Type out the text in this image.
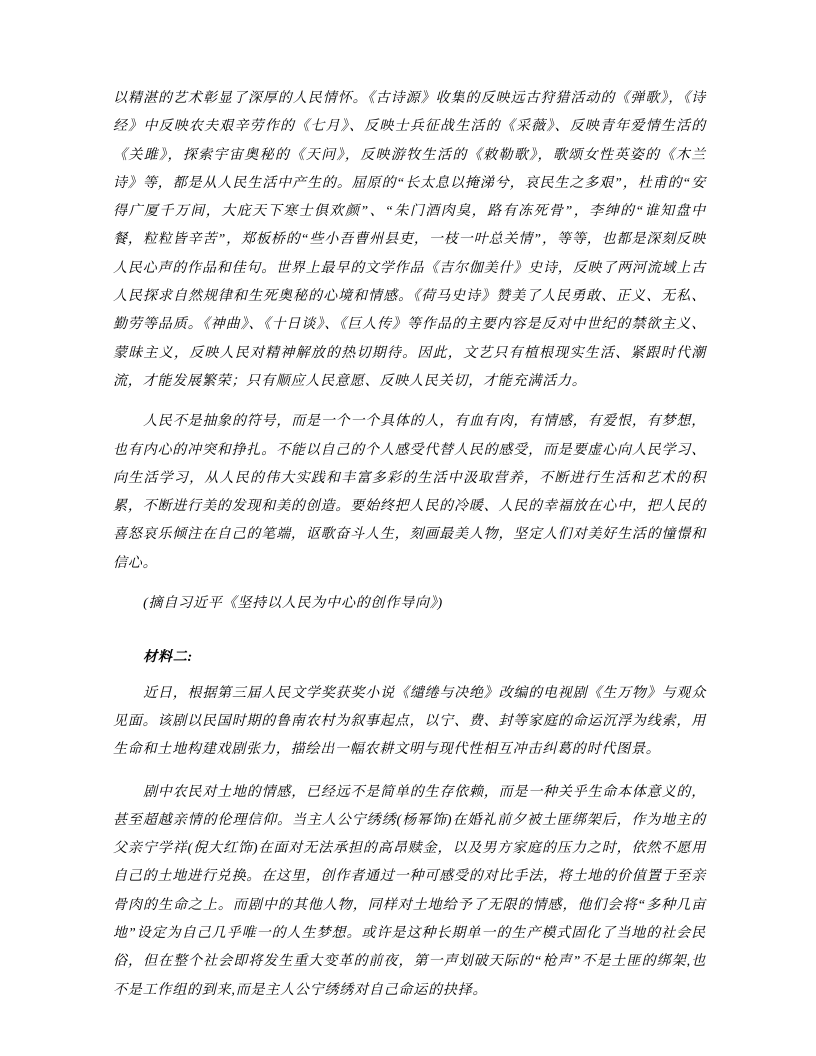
以精湛的艺术彰显了深厚的人民情怀。《古诗源》收集的反映远古狩猎活动的《弹歌》，《诗经》中反映农夫艰辛劳作的《七月》、反映士兵征战生活的《采薇》、反映青年爱情生活的《关雎》，探索宇宙奥秘的《天问》，反映游牧生活的《敕勒歌》，歌颂女性英姿的《木兰诗》等，都是从人民生活中产生的。屈原的“长太息以掩涕兮，哀民生之多艰”，杜甫的“安得广厦千万间，大庇天下寒士俱欢颜”、“朱门酒肉臭，路有冻死骨”，李绅的“谁知盘中餐，粒粒皆辛苦”，郑板桥的“些小吾曹州县吏，一枝一叶总关情”，等等，也都是深刻反映人民心声的作品和佳句。世界上最早的文学作品《吉尔伽美什》史诗，反映了两河流域上古人民探求自然规律和生死奥秘的心境和情感。《荷马史诗》赞美了人民勇敢、正义、无私、勤劳等品质。《神曲》、《十日谈》、《巨人传》等作品的主要内容是反对中世纪的禁欲主义、蒙昧主义，反映人民对精神解放的热切期待。因此，文艺只有植根现实生活、紧跟时代潮流，才能发展繁荣；只有顺应人民意愿、反映人民关切，才能充满活力。

人民不是抽象的符号，而是一个一个具体的人，有血有肉，有情感，有爱恨，有梦想，也有内心的冲突和挣扎。不能以自己的个人感受代替人民的感受，而是要虚心向人民学习、向生活学习，从人民的伟大实践和丰富多彩的生活中汲取营养，不断进行生活和艺术的积累，不断进行美的发现和美的创造。要始终把人民的冷暖、人民的幸福放在心中，把人民的喜怒哀乐倾注在自己的笔端，讴歌奋斗人生，刻画最美人物，坚定人们对美好生活的憧憬和信心。

(摘自习近平《坚持以人民为中心的创作导向》)

材料二:

近日，根据第三届人民文学奖获奖小说《缱绻与决绝》改编的电视剧《生万物》与观众见面。该剧以民国时期的鲁南农村为叙事起点，以宁、费、封等家庭的命运沉浮为线索，用生命和土地构建戏剧张力，描绘出一幅农耕文明与现代性相互冲击纠葛的时代图景。

剧中农民对土地的情感，已经远不是简单的生存依赖，而是一种关乎生命本体意义的，甚至超越亲情的伦理信仰。当主人公宁绣绣(杨幂饰)在婚礼前夕被土匪绑架后，作为地主的父亲宁学祥(倪大红饰)在面对无法承担的高昂赎金，以及男方家庭的压力之时，依然不愿用自己的土地进行兑换。在这里，创作者通过一种可感受的对比手法，将土地的价值置于至亲骨肉的生命之上。而剧中的其他人物，同样对土地给予了无限的情感，他们会将“多种几亩地”设定为自己几乎唯一的人生梦想。或许是这种长期单一的生产模式固化了当地的社会民俗，但在整个社会即将发生重大变革的前夜，第一声划破天际的“枪声”不是土匪的绑架,也不是工作组的到来,而是主人公宁绣绣对自己命运的抉择。
